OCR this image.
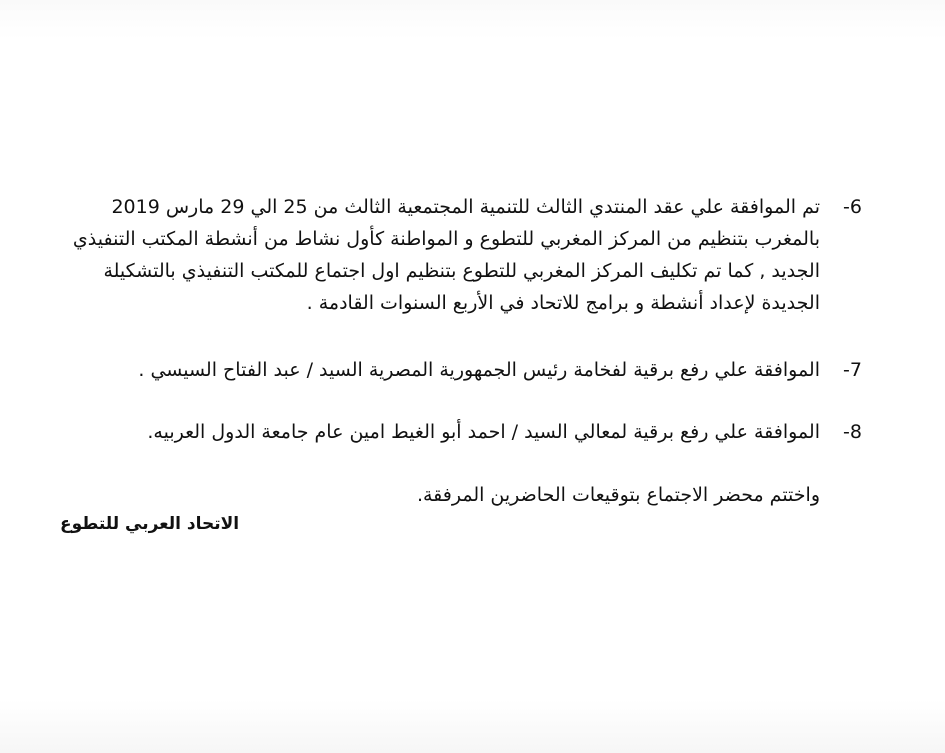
-6
تم الموافقة علي عقد المنتدي الثالث للتنمية المجتمعية الثالث من 25 الي 29 مارس 2019 بالمغرب بتنظيم من المركز المغربي للتطوع و المواطنة كأول نشاط من أنشطة المكتب التنفيذي الجديد , كما تم تكليف المركز المغربي للتطوع بتنظيم اول اجتماع للمكتب التنفيذي بالتشكيلة الجديدة لإعداد أنشطة و برامج للاتحاد في الأربع السنوات القادمة .
-7
الموافقة علي رفع برقية لفخامة رئيس الجمهورية المصرية السيد / عبد الفتاح السيسي .
-8
الموافقة علي رفع برقية لمعالي السيد / احمد أبو الغيط امين عام جامعة الدول العربيه.
واختتم محضر الاجتماع بتوقيعات الحاضرين المرفقة.
الاتحاد العربي للتطوع
